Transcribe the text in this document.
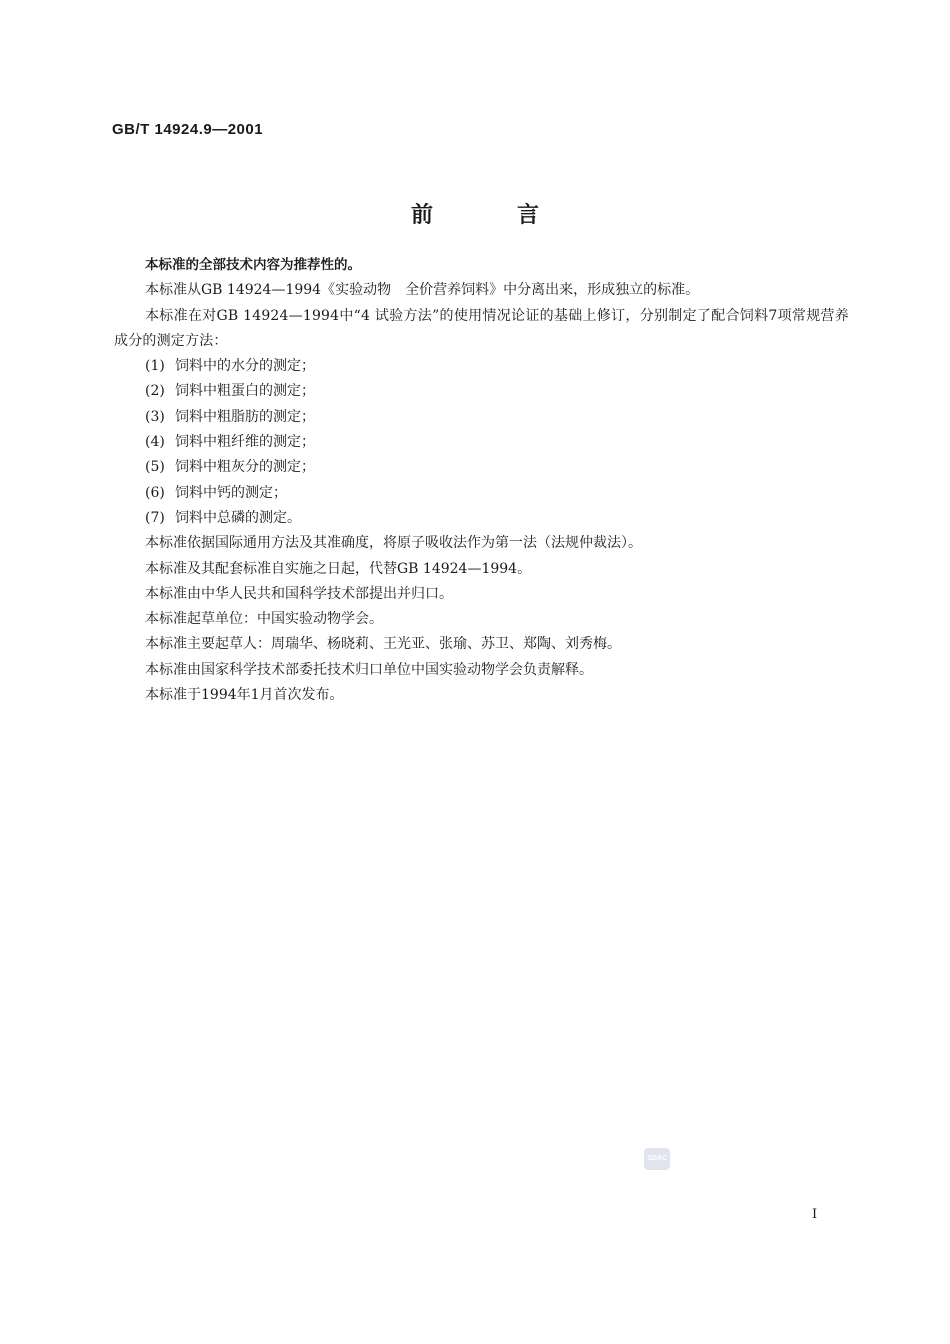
GB/T 14924.9—2001
前言

本标准的全部技术内容为推荐性的。

本标准从GB 14924—1994《实验动物　全价营养饲料》中分离出来，形成独立的标准。

本标准在对GB 14924—1994中“4 试验方法”的使用情况论证的基础上修订，分别制定了配合饲料7项常规营养成分的测定方法：

(1) 饲料中的水分的测定；
(2) 饲料中粗蛋白的测定；
(3) 饲料中粗脂肪的测定；
(4) 饲料中粗纤维的测定；
(5) 饲料中粗灰分的测定；
(6) 饲料中钙的测定；
(7) 饲料中总磷的测定。

本标准依据国际通用方法及其准确度，将原子吸收法作为第一法（法规仲裁法）。

本标准及其配套标准自实施之日起，代替GB 14924—1994。

本标准由中华人民共和国科学技术部提出并归口。

本标准起草单位：中国实验动物学会。

本标准主要起草人：周瑞华、杨晓莉、王光亚、张瑜、苏卫、郑陶、刘秀梅。

本标准由国家科学技术部委托技术归口单位中国实验动物学会负责解释。

本标准于1994年1月首次发布。

SDAC
I
